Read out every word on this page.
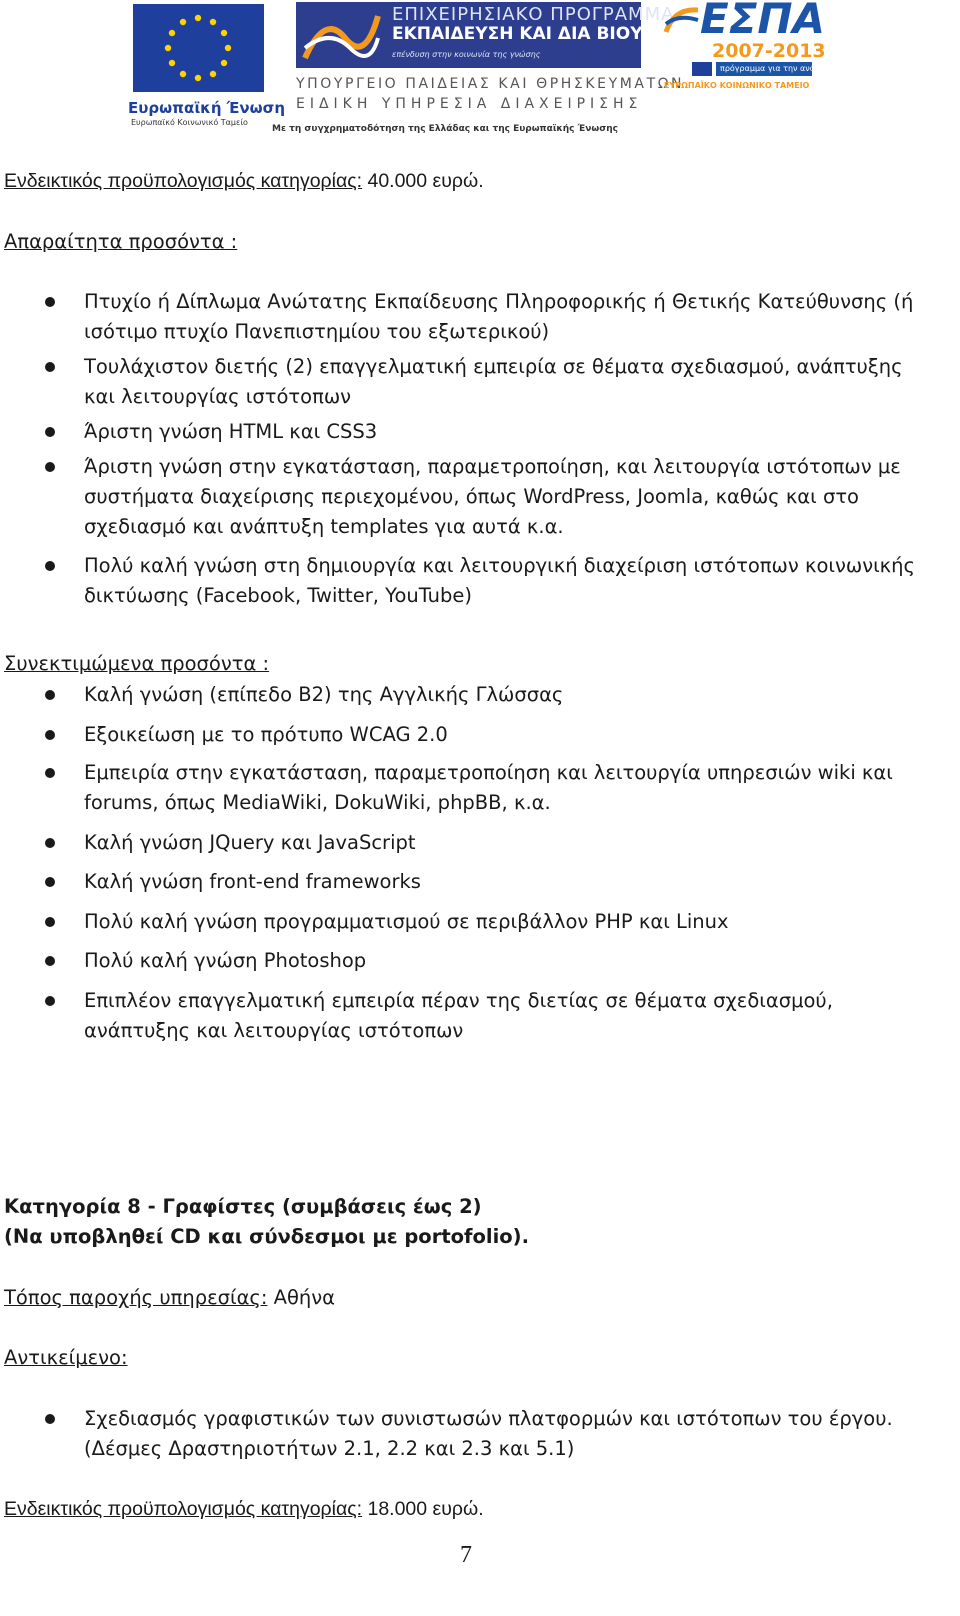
Ευρωπαϊκή Ένωση
Ευρωπαϊκό Κοινωνικό Ταμείο
ΕΠΙΧΕΙΡΗΣΙΑΚΟ ΠΡΟΓΡΑΜΜΑ
ΕΚΠΑΙΔΕΥΣΗ ΚΑΙ ΔΙΑ ΒΙΟΥ ΜΑΘΗΣΗ
επένδυση στην κοινωνία της γνώσης
ΥΠΟΥΡΓΕΙΟ ΠΑΙΔΕΙΑΣ ΚΑΙ ΘΡΗΣΚΕΥΜΑΤΩΝ
ΕΙΔΙΚΗ ΥΠΗΡΕΣΙΑ ΔΙΑΧΕΙΡΙΣΗΣ
Με τη συγχρηματοδότηση της Ελλάδας και της Ευρωπαϊκής Ένωσης
ΕΣΠΑ
2007-2013
πρόγραμμα για την ανάπτυξη
ΕΥΡΩΠΑΪΚΟ ΚΟΙΝΩΝΙΚΟ ΤΑΜΕΙΟ
Ενδεικτικός προϋπολογισμός κατηγορίας: 40.000 ευρώ.
Απαραίτητα προσόντα :
Πτυχίο ή Δίπλωμα Ανώτατης Εκπαίδευσης Πληροφορικής ή Θετικής Κατεύθυνσης (ή ισότιμο πτυχίο Πανεπιστημίου του εξωτερικού)
Τουλάχιστον διετής (2) επαγγελματική εμπειρία σε θέματα σχεδιασμού, ανάπτυξης και λειτουργίας ιστότοπων
Άριστη γνώση HTML και CSS3
Άριστη γνώση στην εγκατάσταση, παραμετροποίηση, και λειτουργία ιστότοπων με συστήματα διαχείρισης περιεχομένου, όπως WordPress, Joomla, καθώς και στο σχεδιασμό και ανάπτυξη templates για αυτά κ.α.
Πολύ καλή γνώση στη δημιουργία και λειτουργική διαχείριση ιστότοπων κοινωνικής δικτύωσης (Facebook, Twitter, YouTube)
Συνεκτιμώμενα προσόντα :
Καλή γνώση (επίπεδο B2) της Αγγλικής Γλώσσας
Εξοικείωση με το πρότυπο WCAG 2.0
Εμπειρία στην εγκατάσταση, παραμετροποίηση και λειτουργία υπηρεσιών wiki και forums, όπως MediaWiki, DokuWiki, phpBB, κ.α.
Καλή γνώση JQuery και JavaScript
Καλή γνώση front-end frameworks
Πολύ καλή γνώση προγραμματισμού σε περιβάλλον PHP και Linux
Πολύ καλή γνώση Photoshop
Επιπλέον επαγγελματική εμπειρία πέραν της διετίας σε θέματα σχεδιασμού, ανάπτυξης και λειτουργίας ιστότοπων
Κατηγορία 8 - Γραφίστες (συμβάσεις έως 2)
(Να υποβληθεί CD και σύνδεσμοι με portofolio).
Τόπος παροχής υπηρεσίας: Αθήνα
Αντικείμενο:
Σχεδιασμός γραφιστικών των συνιστωσών πλατφορμών και ιστότοπων του έργου. (Δέσμες Δραστηριοτήτων 2.1, 2.2 και 2.3 και 5.1)
Ενδεικτικός προϋπολογισμός κατηγορίας: 18.000 ευρώ.
7
